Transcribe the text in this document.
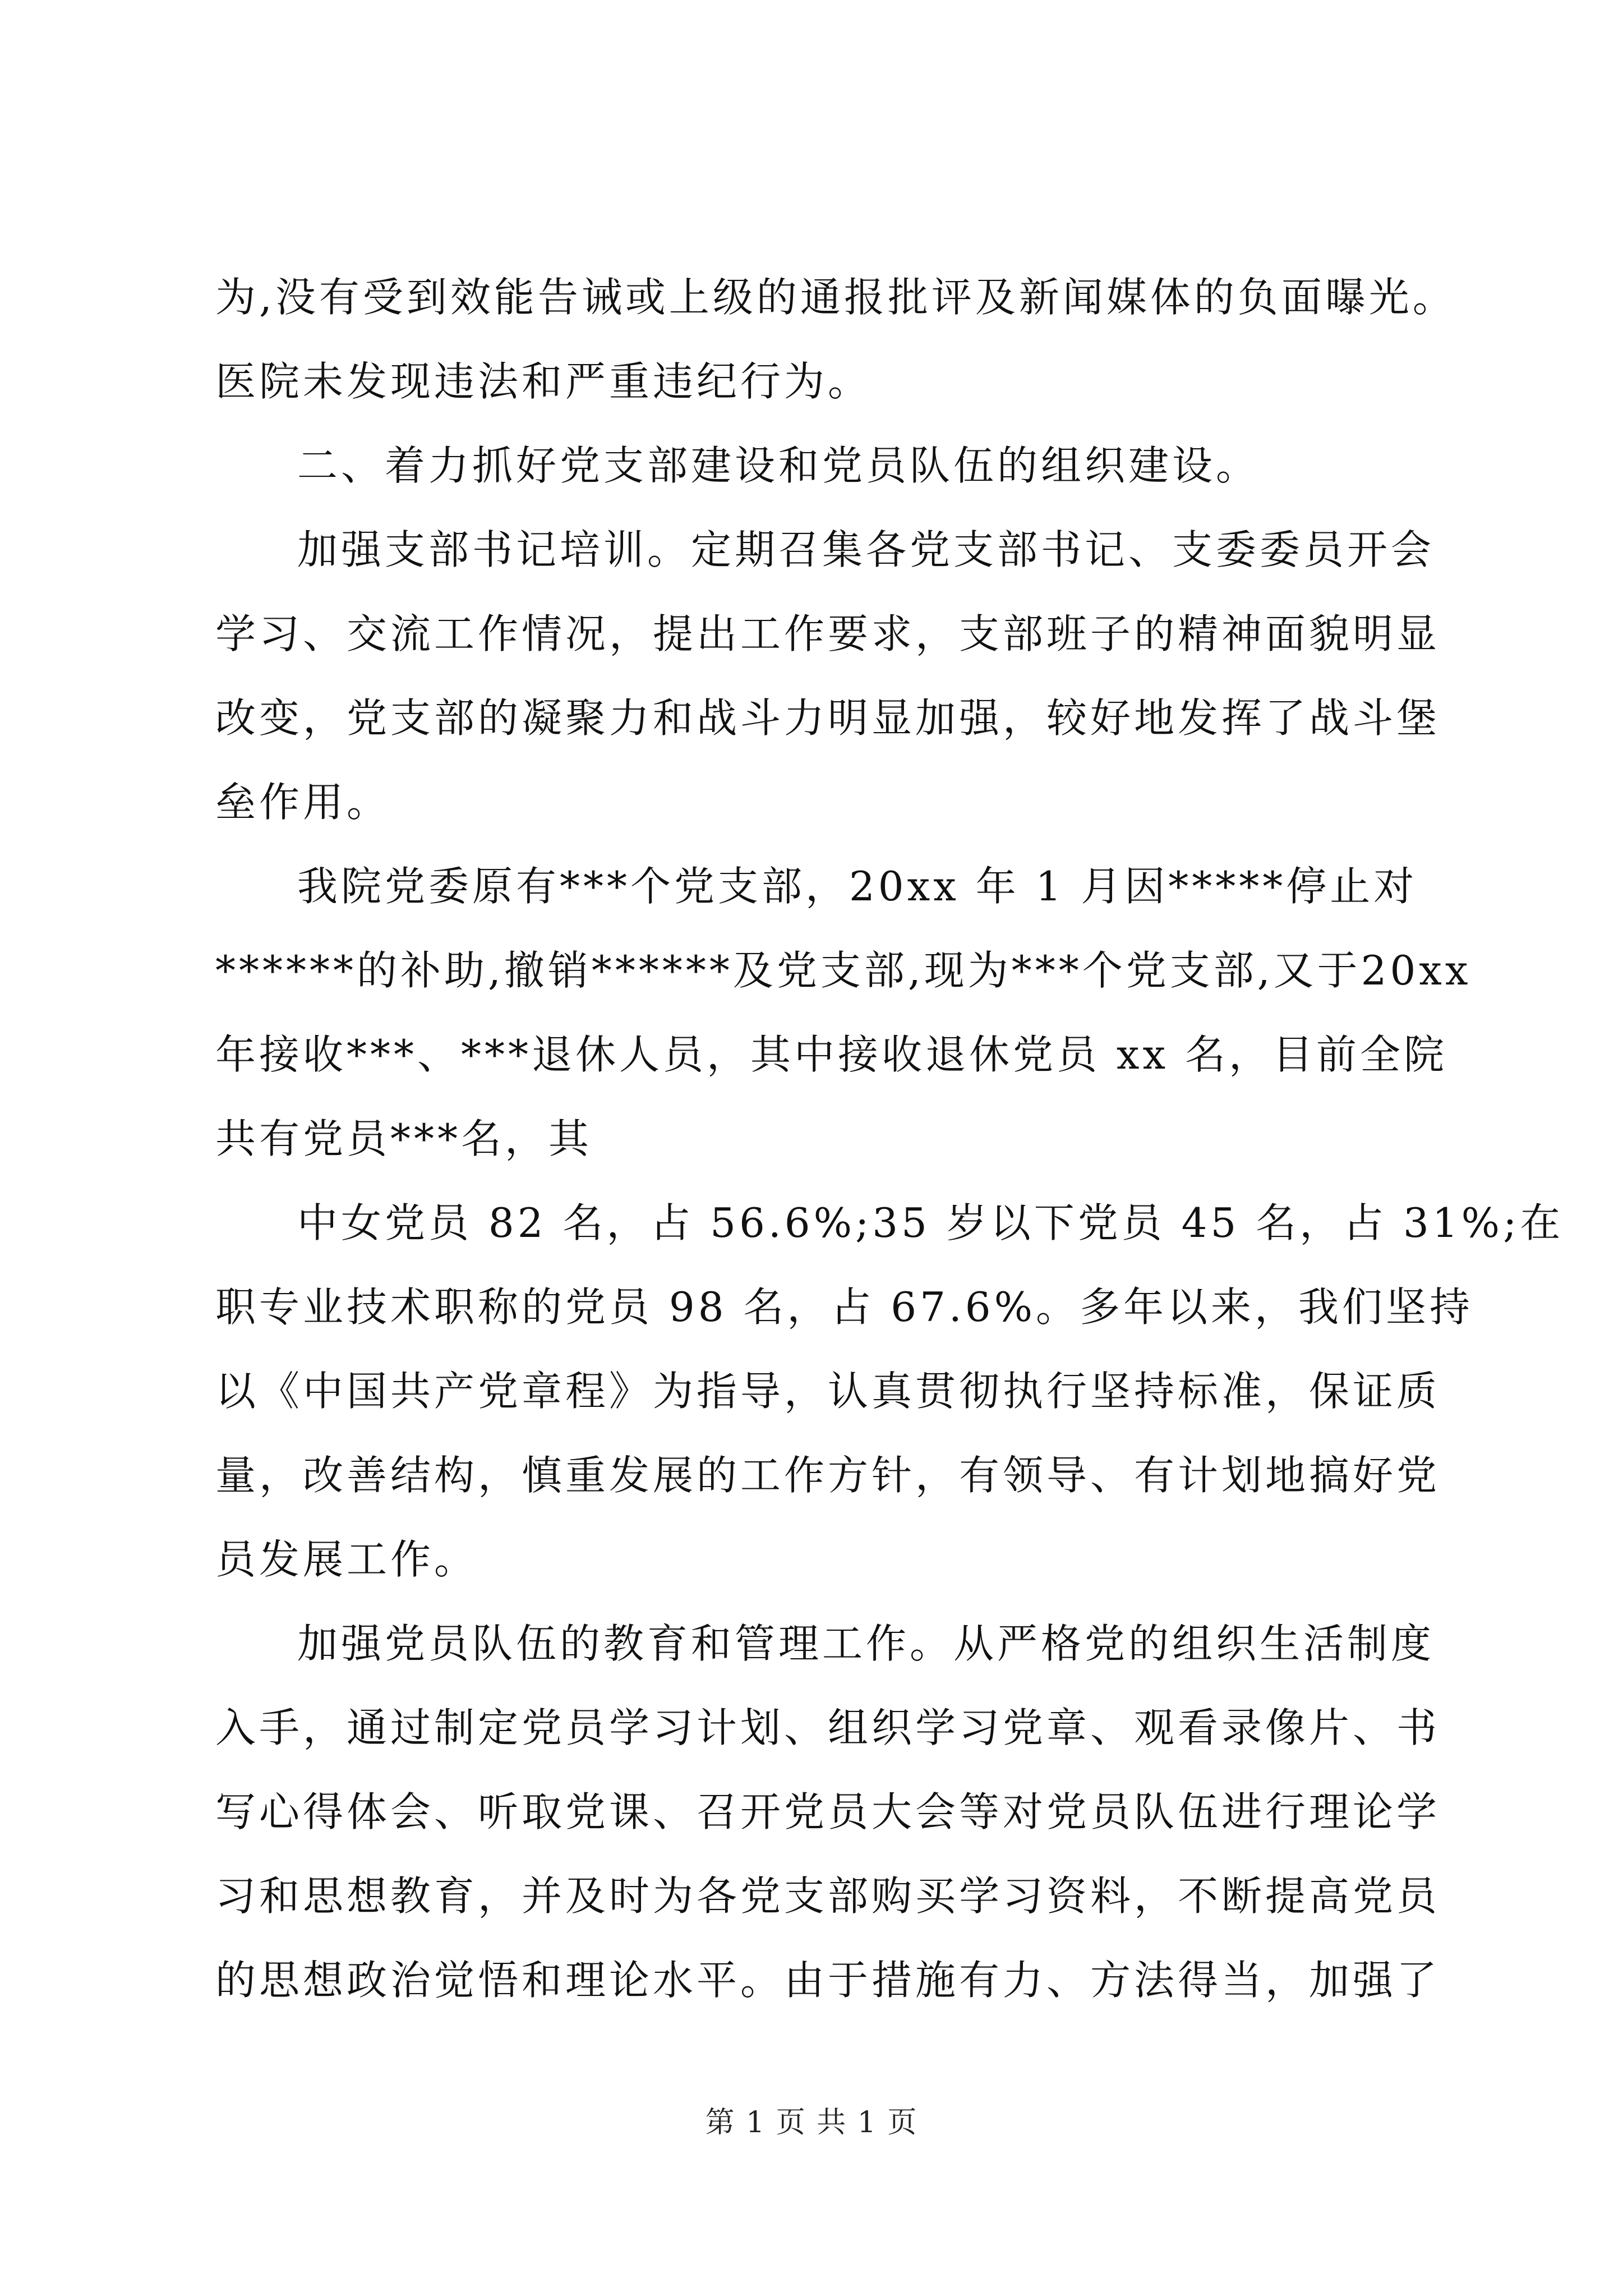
为,没有受到效能告诫或上级的通报批评及新闻媒体的负面曝光。
医院未发现违法和严重违纪行为。
二、着力抓好党支部建设和党员队伍的组织建设。
加强支部书记培训。定期召集各党支部书记、支委委员开会
学习、交流工作情况，提出工作要求，支部班子的精神面貌明显
改变，党支部的凝聚力和战斗力明显加强，较好地发挥了战斗堡
垒作用。
我院党委原有***个党支部，20xx 年 1 月因*****停止对
******的补助,撤销******及党支部,现为***个党支部,又于20xx
年接收***、***退休人员，其中接收退休党员 xx 名，目前全院
共有党员***名，其
中女党员 82 名，占 56.6%;35 岁以下党员 45 名，占 31%;在
职专业技术职称的党员 98 名，占 67.6%。多年以来，我们坚持
以《中国共产党章程》为指导，认真贯彻执行坚持标准，保证质
量，改善结构，慎重发展的工作方针，有领导、有计划地搞好党
员发展工作。
加强党员队伍的教育和管理工作。从严格党的组织生活制度
入手，通过制定党员学习计划、组织学习党章、观看录像片、书
写心得体会、听取党课、召开党员大会等对党员队伍进行理论学
习和思想教育，并及时为各党支部购买学习资料，不断提高党员
的思想政治觉悟和理论水平。由于措施有力、方法得当，加强了
第 1 页 共 1 页
